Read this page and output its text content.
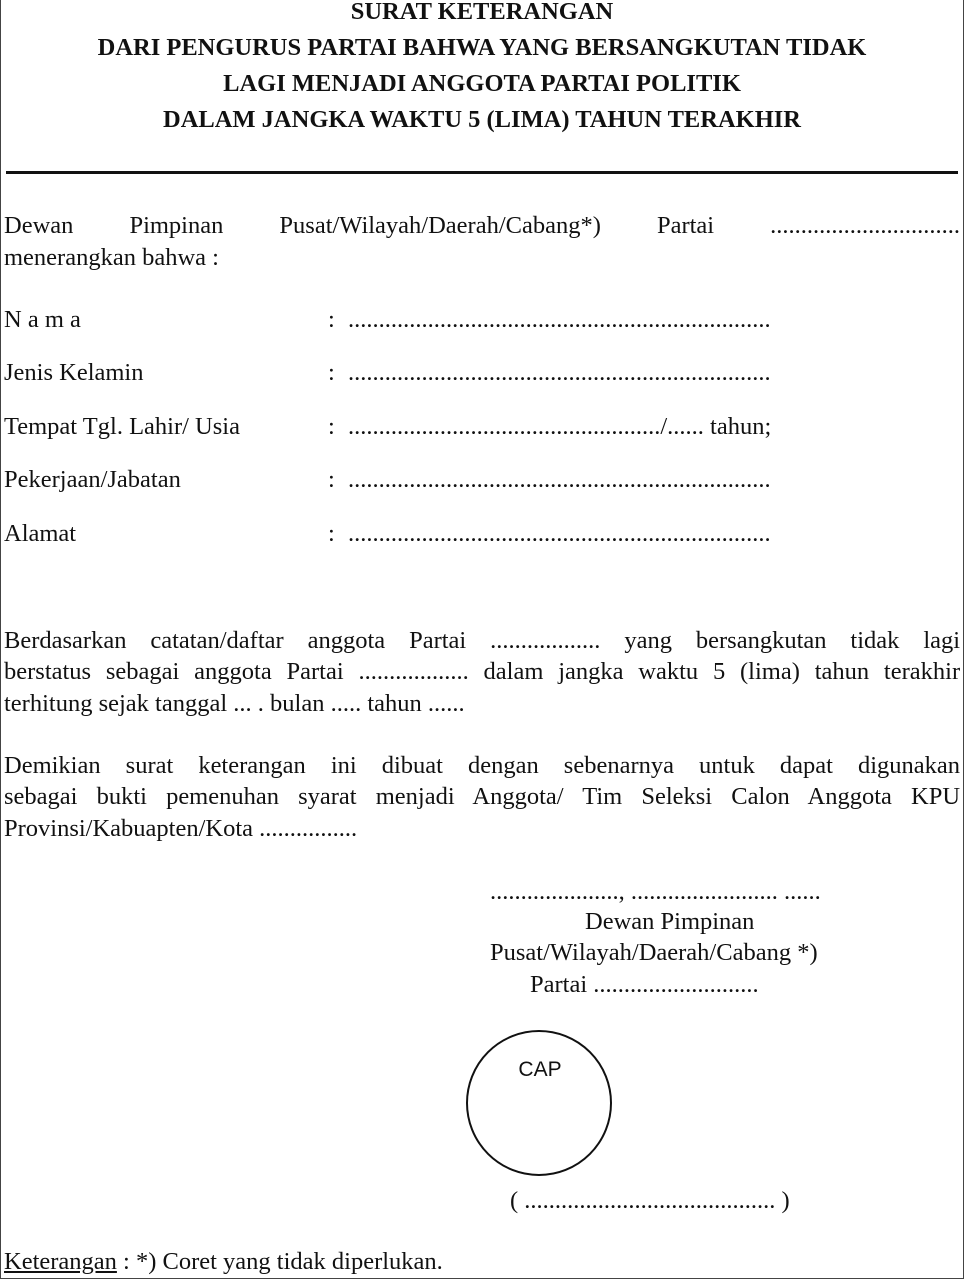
SURAT KETERANGAN
DARI PENGURUS PARTAI BAHWA YANG BERSANGKUTAN TIDAK
LAGI MENJADI ANGGOTA PARTAI POLITIK
DALAM JANGKA WAKTU 5 (LIMA) TAHUN TERAKHIR
Dewan Pimpinan Pusat/Wilayah/Daerah/Cabang*) Partai ...............................
menerangkan bahwa :
N a m a	: .....................................................................
Jenis Kelamin	: .....................................................................
Tempat Tgl. Lahir/ Usia	: .................................................../...... tahun;
Pekerjaan/Jabatan	: .....................................................................
Alamat	: .....................................................................
Berdasarkan catatan/daftar anggota Partai .................. yang bersangkutan tidak lagi
berstatus sebagai anggota Partai .................. dalam jangka waktu 5 (lima) tahun terakhir
terhitung sejak tanggal ... . bulan ..... tahun ......
Demikian surat keterangan ini dibuat dengan sebenarnya untuk dapat digunakan
sebagai bukti pemenuhan syarat menjadi Anggota/ Tim Seleksi Calon Anggota KPU
Provinsi/Kabuapten/Kota ................
....................., ........................ ......
Dewan Pimpinan
Pusat/Wilayah/Daerah/Cabang *)
Partai ...........................
CAP
( ......................................... )
Keterangan : *) Coret yang tidak diperlukan.
